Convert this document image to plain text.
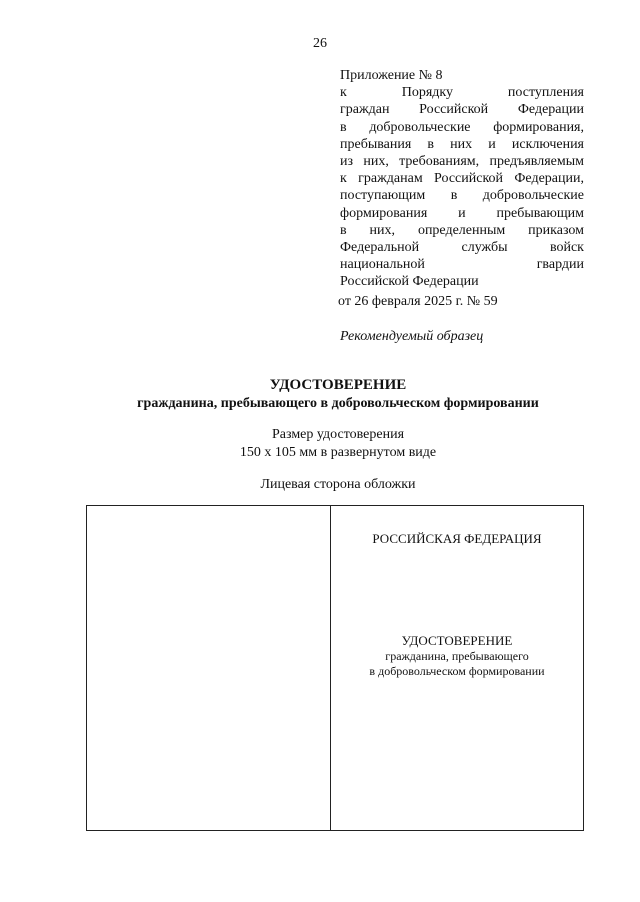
26
Приложение № 8
к Порядку поступления
граждан Российской Федерации
в добровольческие формирования,
пребывания в них и исключения
из них, требованиям, предъявляемым
к гражданам Российской Федерации,
поступающим в добровольческие
формирования и пребывающим
в них, определенным приказом
Федеральной службы войск
национальной гвардии
Российской Федерации
от 26 февраля 2025 г. № 59
Рекомендуемый образец
УДОСТОВЕРЕНИЕ
гражданина, пребывающего в добровольческом формировании
Размер удостоверения
150 х 105 мм в развернутом виде
Лицевая сторона обложки
РОССИЙСКАЯ ФЕДЕРАЦИЯ
УДОСТОВЕРЕНИЕ
гражданина, пребывающего
в добровольческом формировании
